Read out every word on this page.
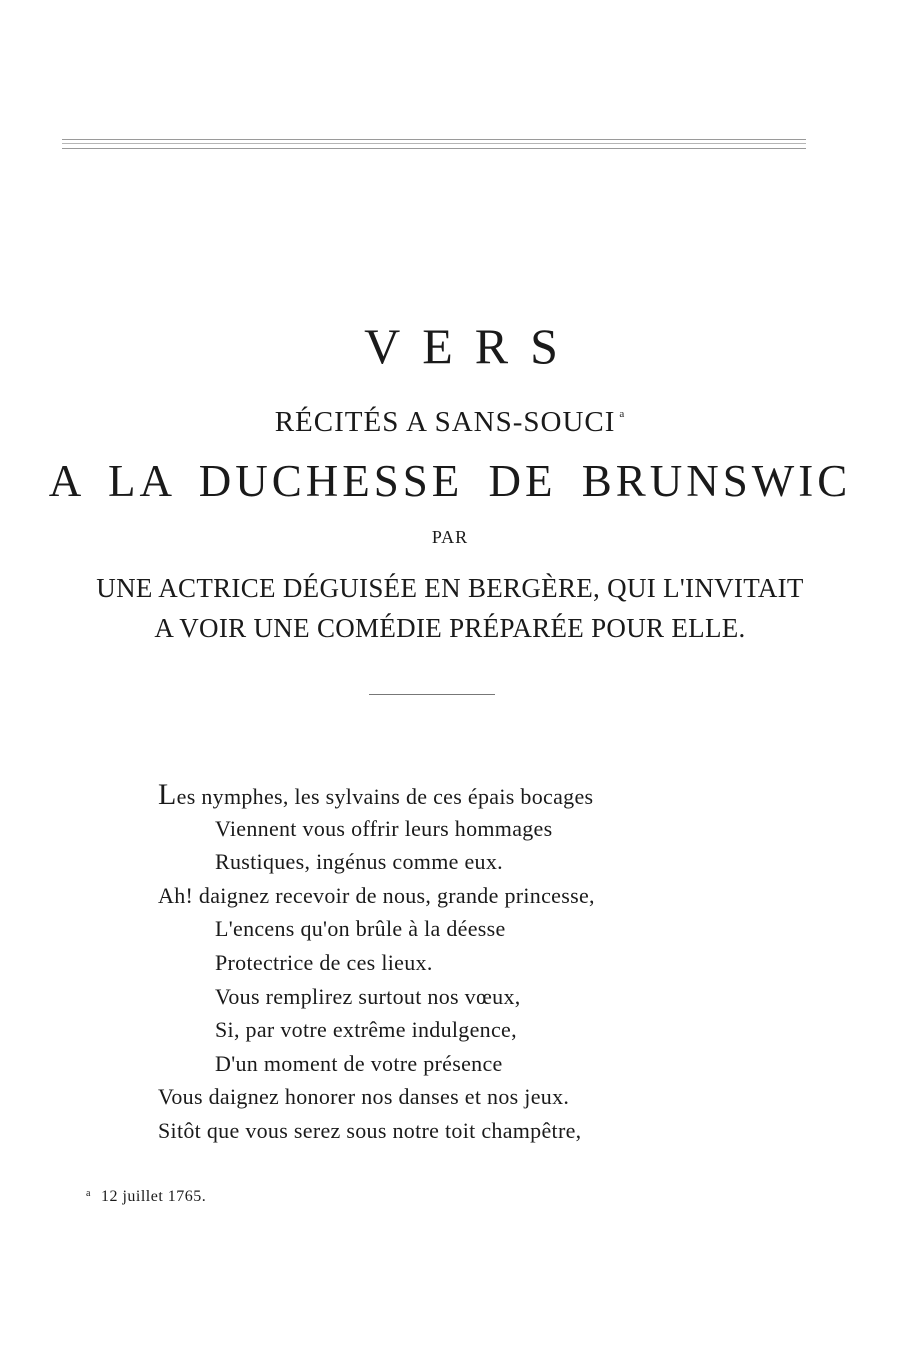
VERS
RÉCITÉS A SANS-SOUCI $^a$
A LA DUCHESSE DE BRUNSWIC
PAR
UNE ACTRICE DÉGUISÉE EN BERGÈRE, QUI L'INVITAIT
A VOIR UNE COMÉDIE PRÉPARÉE POUR ELLE.
Les nymphes, les sylvains de ces épais bocages
Viennent vous offrir leurs hommages
Rustiques, ingénus comme eux.
Ah! daignez recevoir de nous, grande princesse,
L'encens qu'on brûle à la déesse
Protectrice de ces lieux.
Vous remplirez surtout nos vœux,
Si, par votre extrême indulgence,
D'un moment de votre présence
Vous daignez honorer nos danses et nos jeux.
Sitôt que vous serez sous notre toit champêtre,
$^a$ 12 juillet 1765.
